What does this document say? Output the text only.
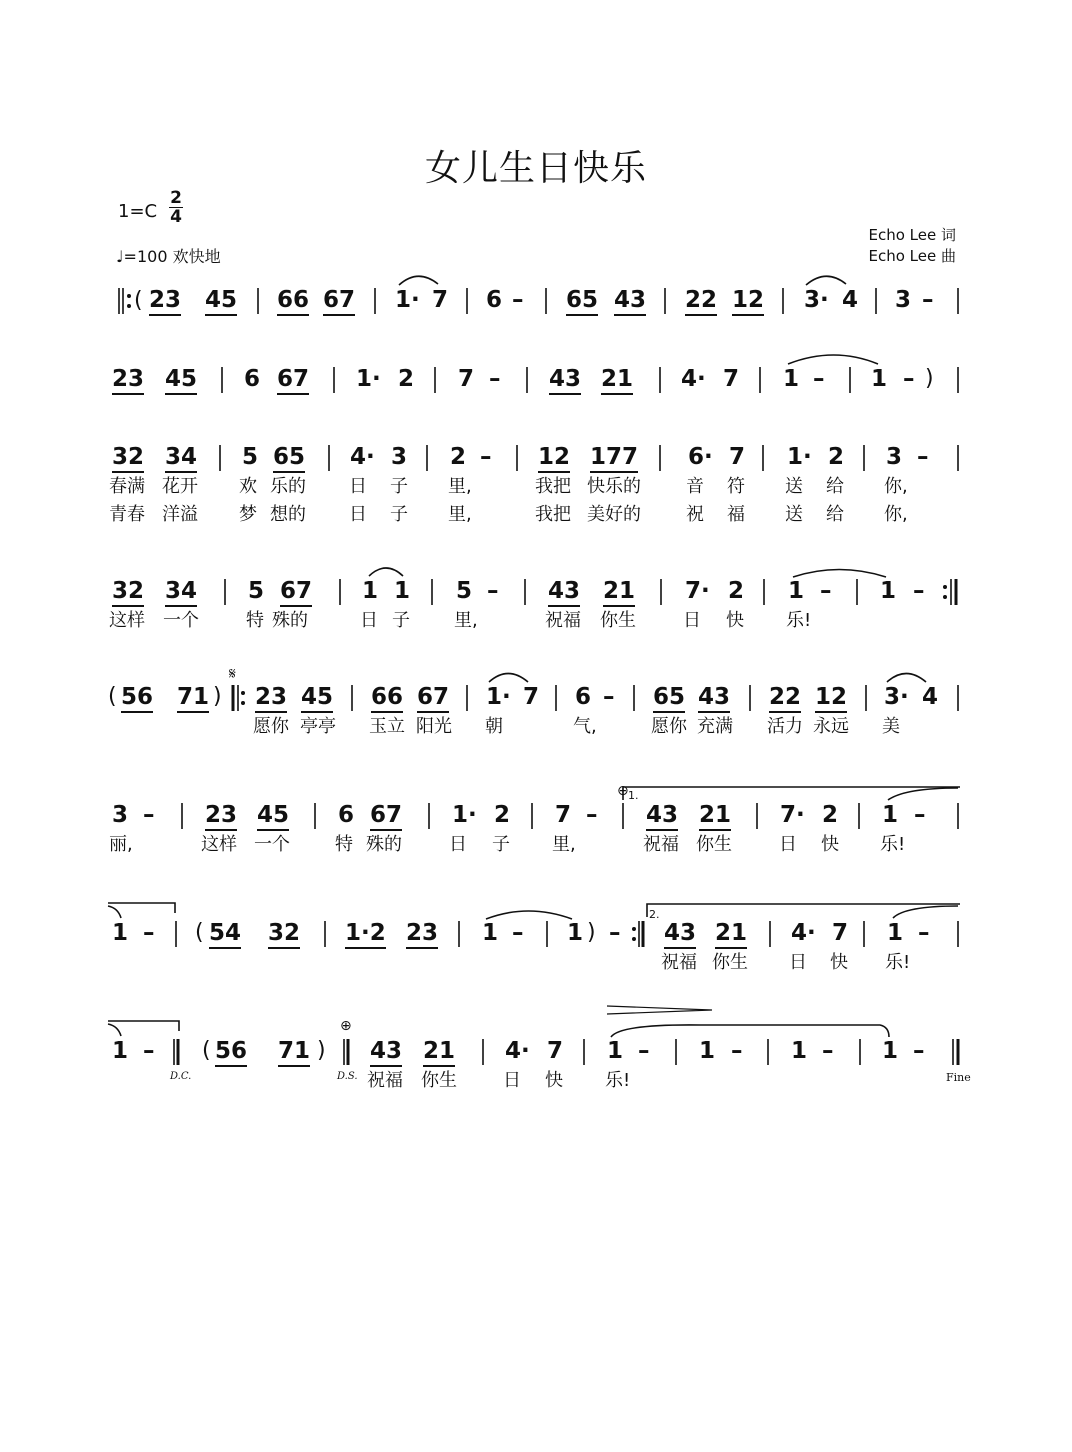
女儿生日快乐
1=C
2
4
♩=100 欢快地
Echo Lee 词
Echo Lee 曲
23 45 66 67 1· 7 6 – 65 43 22 12 3· 4 3 –
23 45 6 67 1· 2 7 – 43 21 4· 7 1 – 1 –
32 34 5 65 4· 3 2 – 12 177 6· 7 1· 2 3 –
春满 花开 欢 乐的 日 子 里,	我把 快乐的	音 符 送 给 你,
青春 洋溢 梦 想的 日 子 里,	我把 美好的	祝 福 送 给 你,
32 34 5 67 1 1 5 – 43 21 7· 2 1 – 1 –
这样 一个	特 殊的	日 子 里,	祝福 你生	日 快 乐!
56 71 23 45 66 67 1· 7 6 – 65 43 22 12 3· 4
愿你 亭亭 玉立 阳光 朝	气,	愿你 充满 活力 永远 美
3 – 23 45 6 67 1· 2 7 – 43 21 7· 2 1 –
丽,	这样 一个	特 殊的	日 子 里,	祝福 你生	日 快 乐!
1 – 54 32 1·2 23 1 – 1 – 43 21 4· 7 1 –
祝福 你生 日 快 乐!
1 –	56 71	43 21 4· 7 1 – 1 – 1 – 1 –
祝福 你生	日 快 乐!
(
)
(	)
(	)
(	)
𝄋
⊕
⊕
1.
2.
D.C.	D.S.	Fine
